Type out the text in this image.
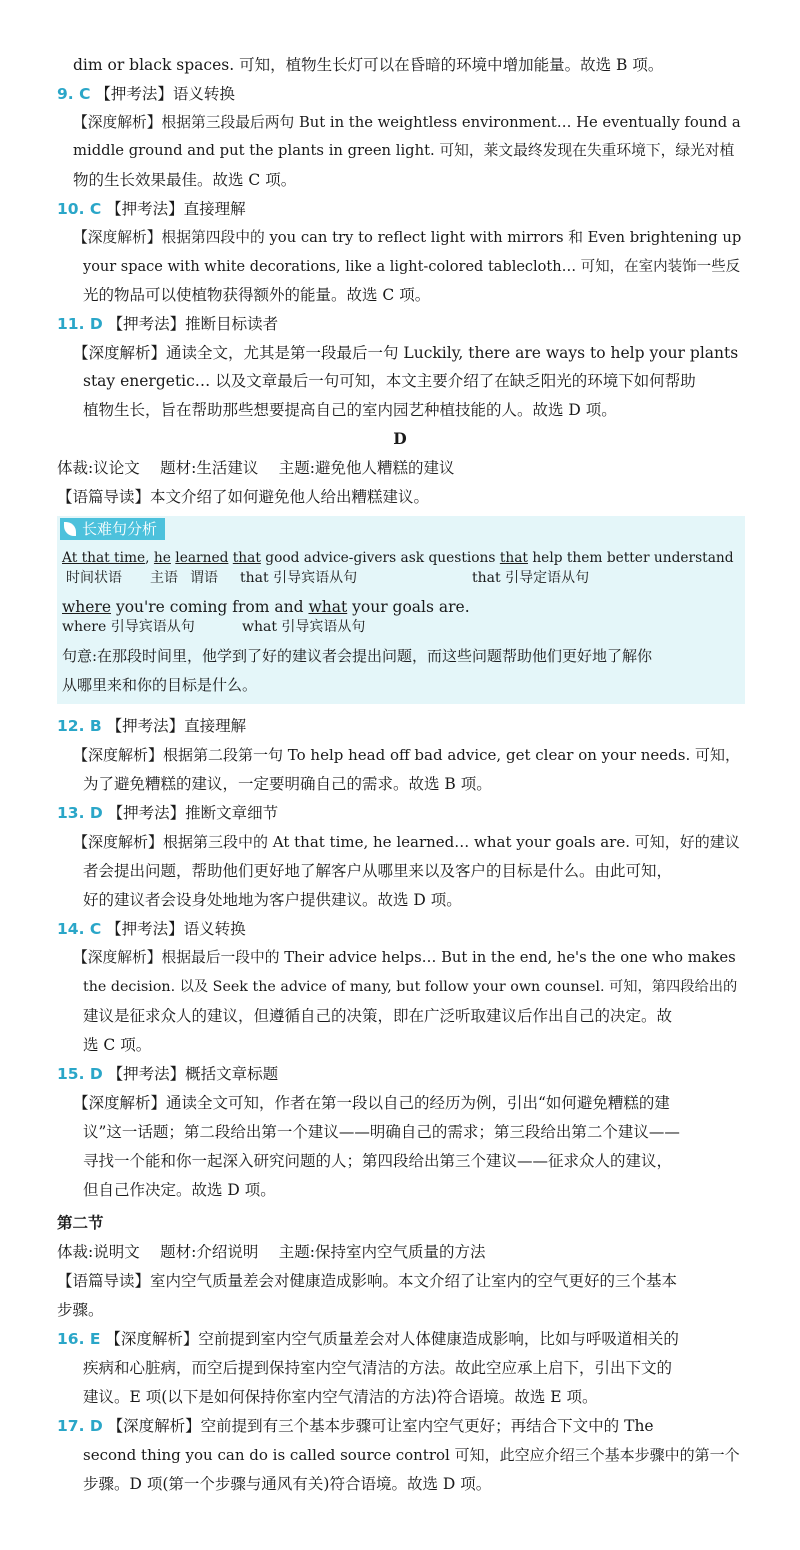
dim or black spaces. 可知，植物生长灯可以在昏暗的环境中增加能量。故选 B 项。
9. C 【押考法】语义转换
【深度解析】根据第三段最后两句 But in the weightless environment… He eventually found a
middle ground and put the plants in green light. 可知，莱文最终发现在失重环境下，绿光对植
物的生长效果最佳。故选 C 项。
10. C 【押考法】直接理解
【深度解析】根据第四段中的 you can try to reflect light with mirrors 和 Even brightening up
your space with white decorations, like a light-colored tablecloth… 可知，在室内装饰一些反
光的物品可以使植物获得额外的能量。故选 C 项。
11. D 【押考法】推断目标读者
【深度解析】通读全文，尤其是第一段最后一句 Luckily, there are ways to help your plants
stay energetic… 以及文章最后一句可知，本文主要介绍了在缺乏阳光的环境下如何帮助
植物生长，旨在帮助那些想要提高自己的室内园艺种植技能的人。故选 D 项。
D
体裁:议论文　 题材:生活建议　 主题:避免他人糟糕的建议
【语篇导读】本文介绍了如何避免他人给出糟糕建议。
长难句分析
At that time, he learned that good advice-givers ask questions that help them better understand
时间状语 主语 谓语 that 引导宾语从句	that 引导定语从句
where you're coming from and what your goals are.
where 引导宾语从句	what 引导宾语从句
句意:在那段时间里，他学到了好的建议者会提出问题，而这些问题帮助他们更好地了解你
从哪里来和你的目标是什么。
12. B 【押考法】直接理解
【深度解析】根据第二段第一句 To help head off bad advice, get clear on your needs. 可知，
为了避免糟糕的建议，一定要明确自己的需求。故选 B 项。
13. D 【押考法】推断文章细节
【深度解析】根据第三段中的 At that time, he learned… what your goals are. 可知，好的建议
者会提出问题，帮助他们更好地了解客户从哪里来以及客户的目标是什么。由此可知，
好的建议者会设身处地地为客户提供建议。故选 D 项。
14. C 【押考法】语义转换
【深度解析】根据最后一段中的 Their advice helps… But in the end, he's the one who makes
the decision. 以及 Seek the advice of many, but follow your own counsel. 可知，第四段给出的
建议是征求众人的建议，但遵循自己的决策，即在广泛听取建议后作出自己的决定。故
选 C 项。
15. D 【押考法】概括文章标题
【深度解析】通读全文可知，作者在第一段以自己的经历为例，引出“如何避免糟糕的建
议”这一话题；第二段给出第一个建议——明确自己的需求；第三段给出第二个建议——
寻找一个能和你一起深入研究问题的人；第四段给出第三个建议——征求众人的建议，
但自己作决定。故选 D 项。
第二节
体裁:说明文　 题材:介绍说明　 主题:保持室内空气质量的方法
【语篇导读】室内空气质量差会对健康造成影响。本文介绍了让室内的空气更好的三个基本
步骤。
16. E 【深度解析】空前提到室内空气质量差会对人体健康造成影响，比如与呼吸道相关的
疾病和心脏病，而空后提到保持室内空气清洁的方法。故此空应承上启下，引出下文的
建议。E 项(以下是如何保持你室内空气清洁的方法)符合语境。故选 E 项。
17. D 【深度解析】空前提到有三个基本步骤可让室内空气更好；再结合下文中的 The
second thing you can do is called source control 可知，此空应介绍三个基本步骤中的第一个
步骤。D 项(第一个步骤与通风有关)符合语境。故选 D 项。
